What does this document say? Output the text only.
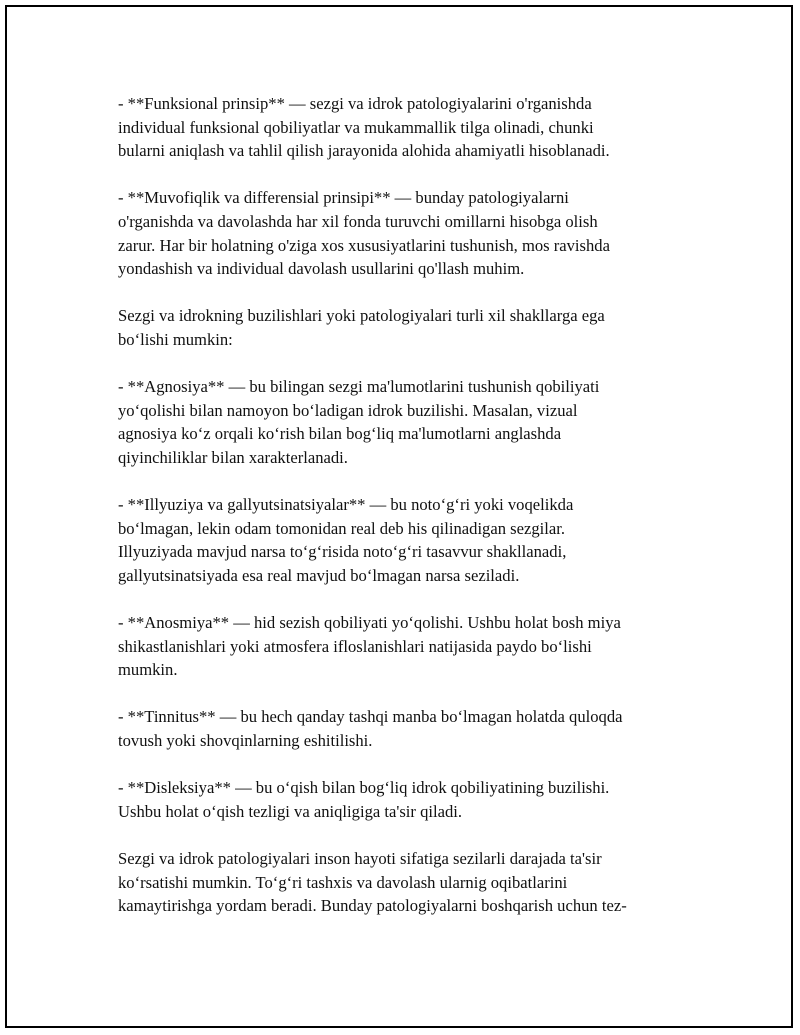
- **Funksional prinsip** — sezgi va idrok patologiyalarini o'rganishda
individual funksional qobiliyatlar va mukammallik tilga olinadi, chunki
bularni aniqlash va tahlil qilish jarayonida alohida ahamiyatli hisoblanadi.

- **Muvofiqlik va differensial prinsipi** — bunday patologiyalarni
o'rganishda va davolashda har xil fonda turuvchi omillarni hisobga olish
zarur. Har bir holatning o'ziga xos xususiyatlarini tushunish, mos ravishda
yondashish va individual davolash usullarini qo'llash muhim.

Sezgi va idrokning buzilishlari yoki patologiyalari turli xil shakllarga ega
bo‘lishi mumkin:

- **Agnosiya** — bu bilingan sezgi ma'lumotlarini tushunish qobiliyati
yo‘qolishi bilan namoyon bo‘ladigan idrok buzilishi. Masalan, vizual
agnosiya ko‘z orqali ko‘rish bilan bog‘liq ma'lumotlarni anglashda
qiyinchiliklar bilan xarakterlanadi.

- **Illyuziya va gallyutsinatsiyalar** — bu noto‘g‘ri yoki voqelikda
bo‘lmagan, lekin odam tomonidan real deb his qilinadigan sezgilar.
Illyuziyada mavjud narsa to‘g‘risida noto‘g‘ri tasavvur shakllanadi,
gallyutsinatsiyada esa real mavjud bo‘lmagan narsa seziladi.

- **Anosmiya** — hid sezish qobiliyati yo‘qolishi. Ushbu holat bosh miya
shikastlanishlari yoki atmosfera ifloslanishlari natijasida paydo bo‘lishi
mumkin.

- **Tinnitus** — bu hech qanday tashqi manba bo‘lmagan holatda quloqda
tovush yoki shovqinlarning eshitilishi.

- **Disleksiya** — bu o‘qish bilan bog‘liq idrok qobiliyatining buzilishi.
Ushbu holat o‘qish tezligi va aniqligiga ta'sir qiladi.

Sezgi va idrok patologiyalari inson hayoti sifatiga sezilarli darajada ta'sir
ko‘rsatishi mumkin. To‘g‘ri tashxis va davolash ularnig oqibatlarini
kamaytirishga yordam beradi. Bunday patologiyalarni boshqarish uchun tez-
